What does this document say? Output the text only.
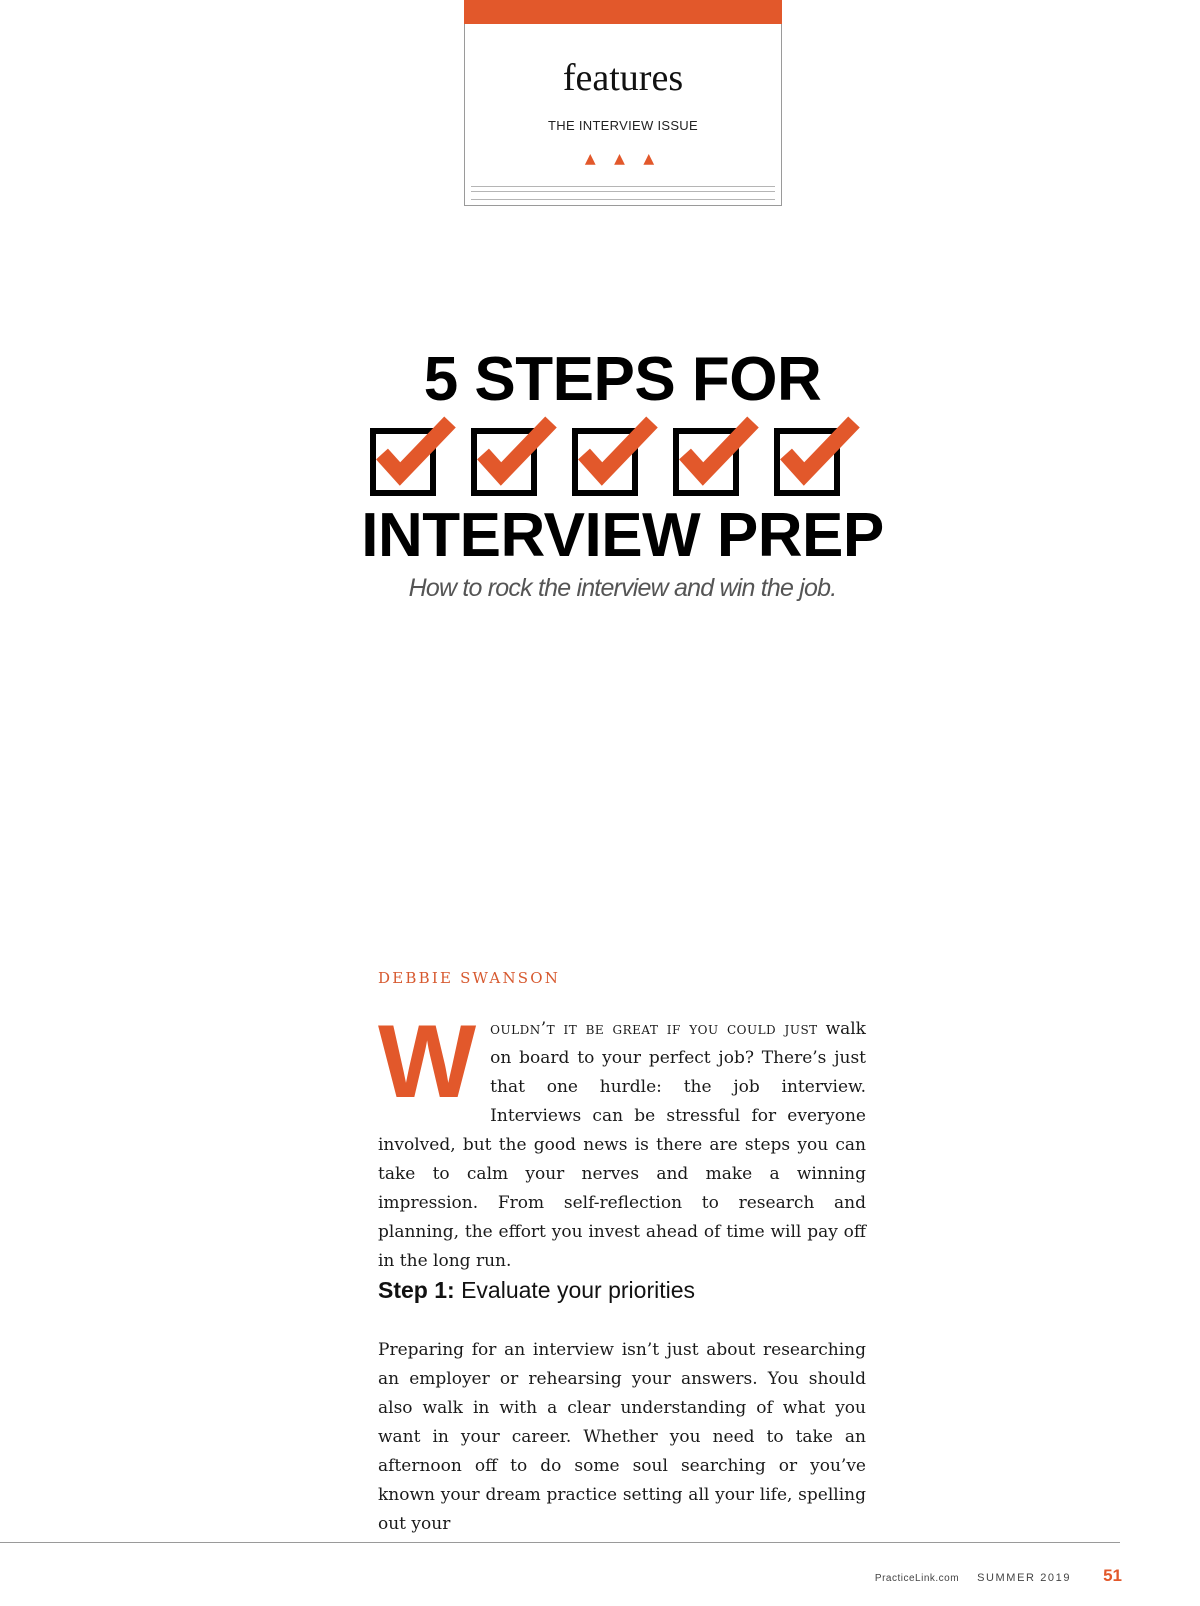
features
THE INTERVIEW ISSUE
▲ ▲ ▲
5 STEPS FOR
INTERVIEW PREP
How to rock the interview and win the job.
DEBBIE SWANSON
W ouldn’t it be great if you could just walk on board to your perfect job? There’s just that one hurdle: the job interview. Interviews can be stressful for everyone involved, but the good news is there are steps you can take to calm your nerves and make a winning impression. From self-reflection to research and planning, the effort you invest ahead of time will pay off in the long run.
Step 1: Evaluate your priorities
Preparing for an interview isn’t just about researching an employer or rehearsing your answers. You should also walk in with a clear understanding of what you want in your career. Whether you need to take an afternoon off to do some soul searching or you’ve known your dream practice setting all your life, spelling out your
PracticeLink.com SUMMER 2019 51
